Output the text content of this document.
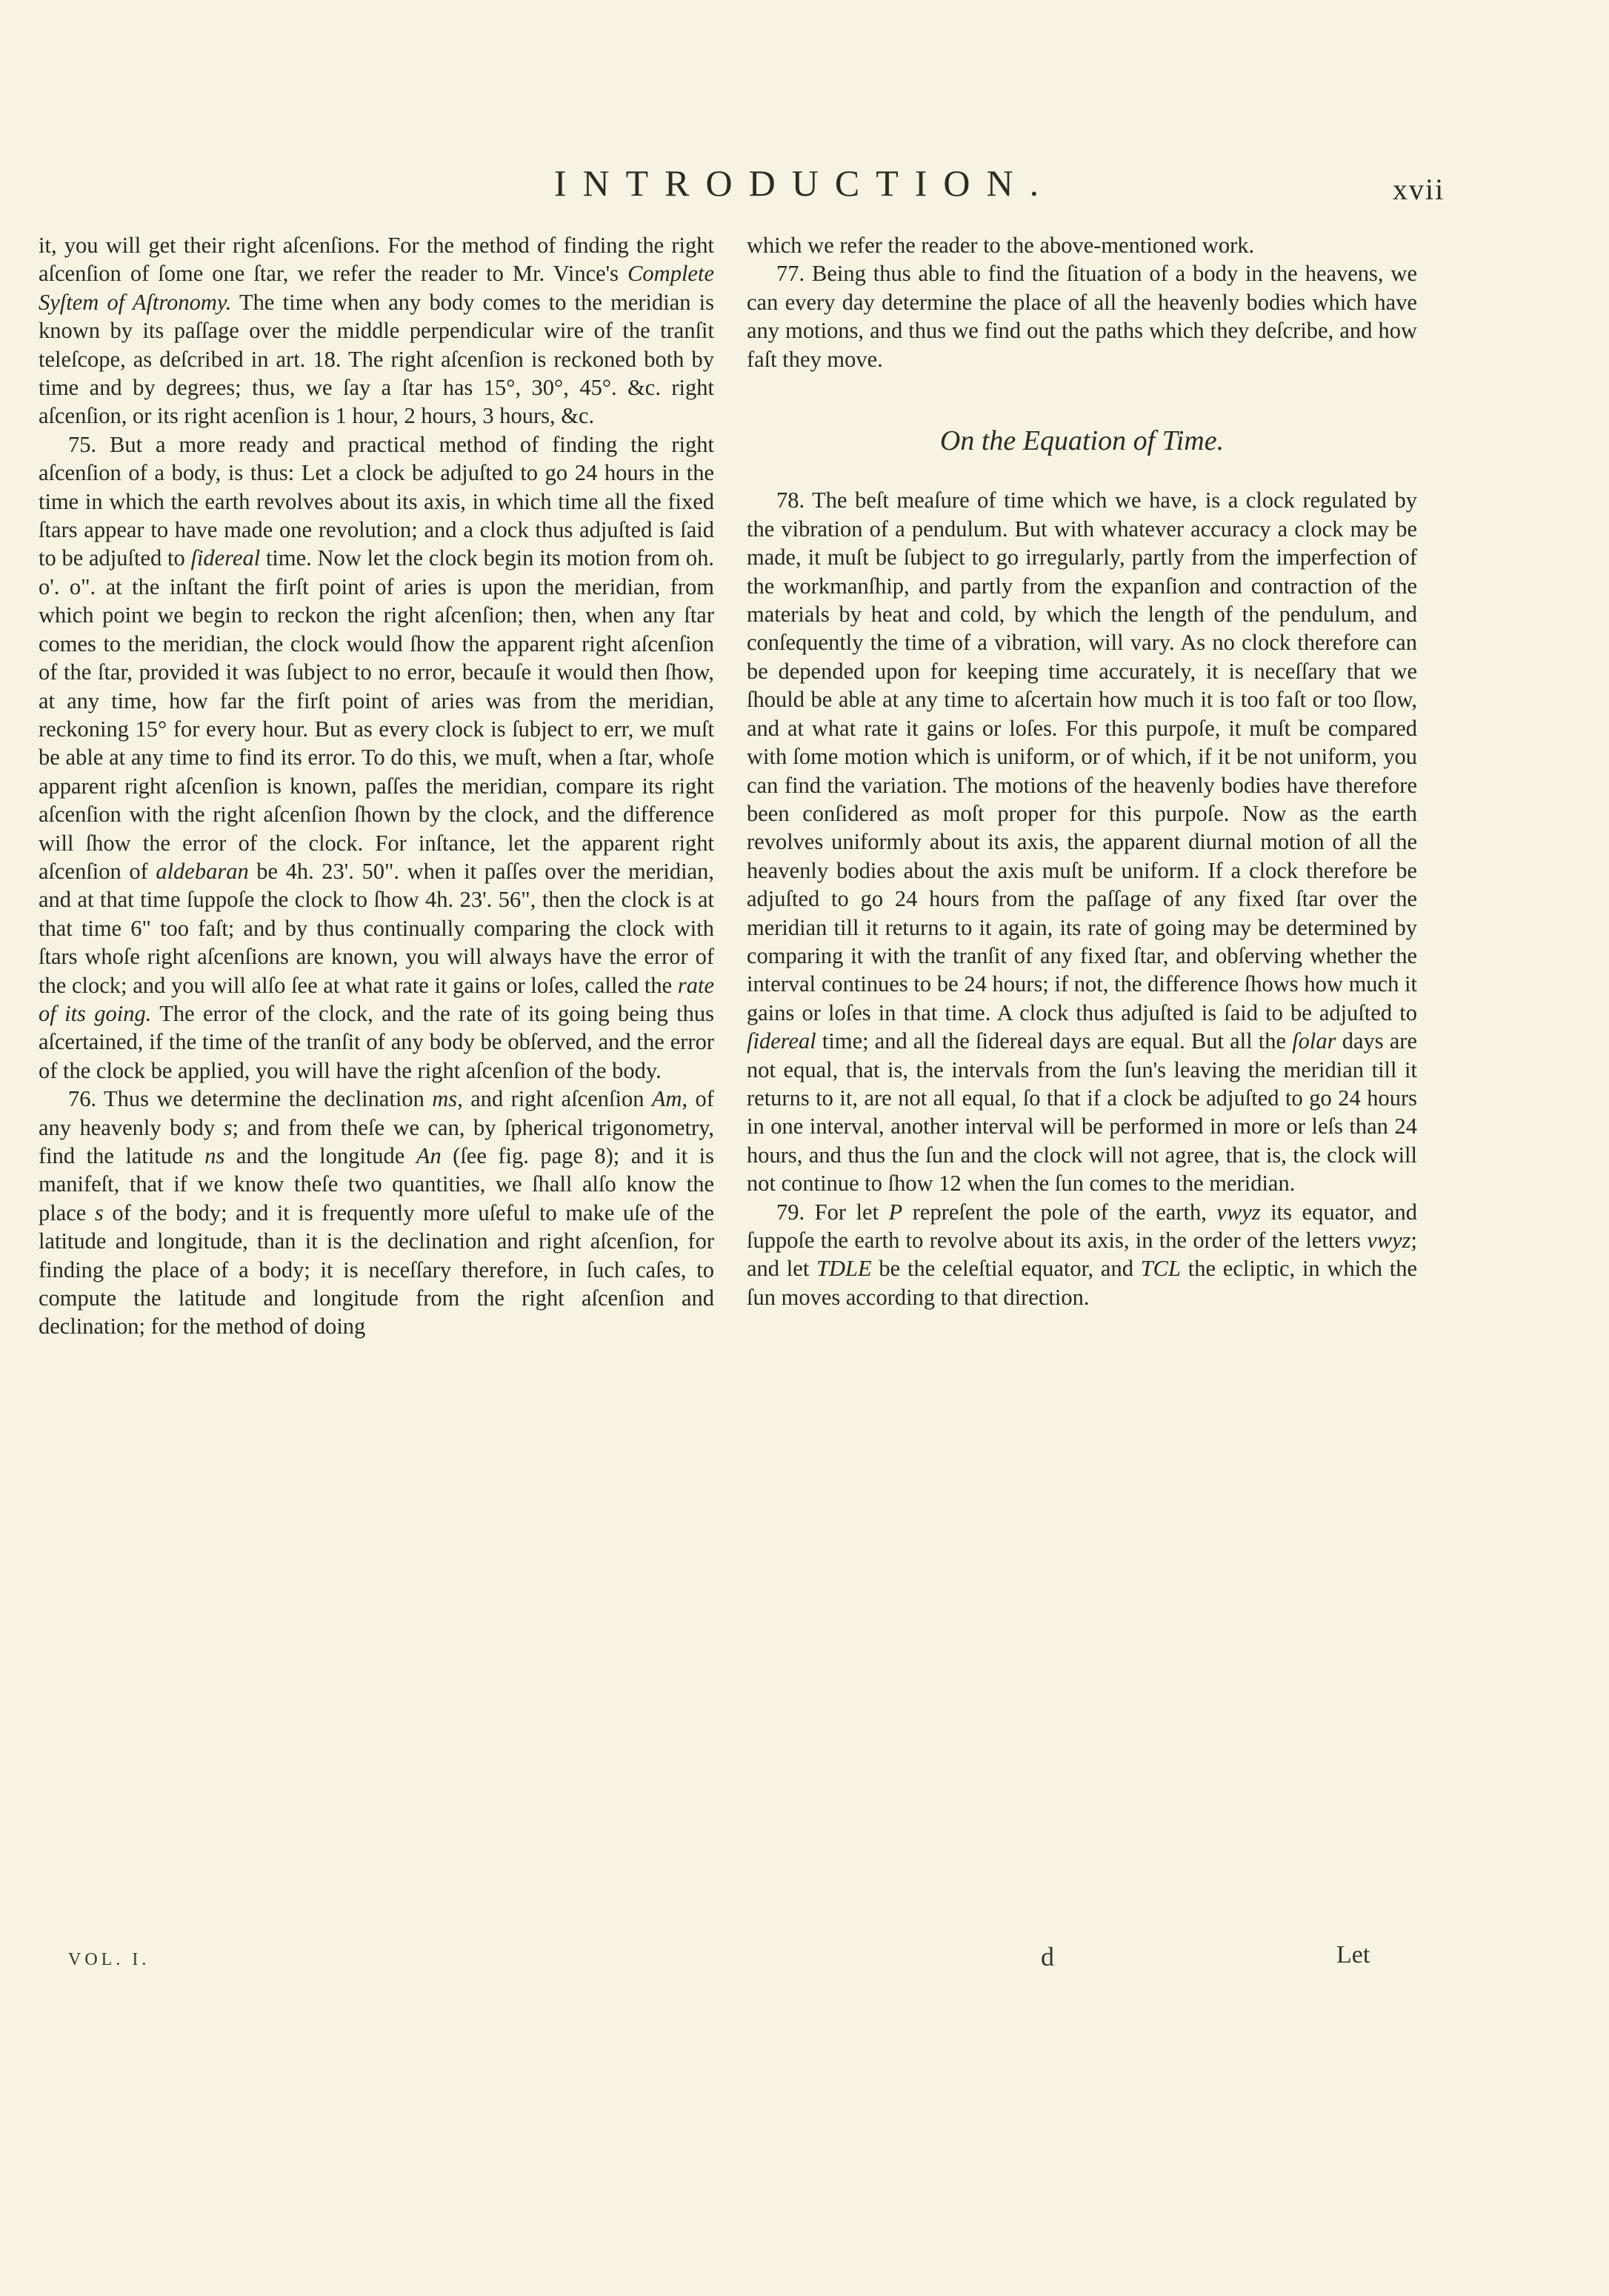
INTRODUCTION.	xvii

it, you will get their right aſcenſions. For the method of finding the right aſcenſion of ſome one ſtar, we refer the reader to Mr. Vince's Complete Syſtem of Aſtronomy. The time when any body comes to the meridian is known by its paſſage over the middle perpendicular wire of the tranſit teleſcope, as deſcribed in art. 18. The right aſcenſion is reckoned both by time and by degrees; thus, we ſay a ſtar has 15°, 30°, 45°. &c. right aſcenſion, or its right acenſion is 1 hour, 2 hours, 3 hours, &c.

75. But a more ready and practical method of finding the right aſcenſion of a body, is thus: Let a clock be adjuſted to go 24 hours in the time in which the earth revolves about its axis, in which time all the fixed ſtars appear to have made one revolution; and a clock thus adjuſted is ſaid to be adjuſted to ſidereal time. Now let the clock begin its motion from oh. o'. o". at the inſtant the firſt point of aries is upon the meridian, from which point we begin to reckon the right aſcenſion; then, when any ſtar comes to the meridian, the clock would ſhow the apparent right aſcenſion of the ſtar, provided it was ſubject to no error, becauſe it would then ſhow, at any time, how far the firſt point of aries was from the meridian, reckoning 15° for every hour. But as every clock is ſubject to err, we muſt be able at any time to find its error. To do this, we muſt, when a ſtar, whoſe apparent right aſcenſion is known, paſſes the meridian, compare its right aſcenſion with the right aſcenſion ſhown by the clock, and the difference will ſhow the error of the clock. For inſtance, let the apparent right aſcenſion of aldebaran be 4h. 23'. 50". when it paſſes over the meridian, and at that time ſuppoſe the clock to ſhow 4h. 23'. 56", then the clock is at that time 6" too faſt; and by thus continually comparing the clock with ſtars whoſe right aſcenſions are known, you will always have the error of the clock; and you will alſo ſee at what rate it gains or loſes, called the rate of its going. The error of the clock, and the rate of its going being thus aſcertained, if the time of the tranſit of any body be obſerved, and the error of the clock be applied, you will have the right aſcenſion of the body.

76. Thus we determine the declination ms, and right aſcenſion Am, of any heavenly body s; and from theſe we can, by ſpherical trigonometry, find the latitude ns and the longitude An (ſee fig. page 8); and it is manifeſt, that if we know theſe two quantities, we ſhall alſo know the place s of the body; and it is frequently more uſeful to make uſe of the latitude and longitude, than it is the declination and right aſcenſion, for finding the place of a body; it is neceſſary therefore, in ſuch caſes, to compute the latitude and longitude from the right aſcenſion and declination; for the method of doing

which we refer the reader to the above-mentioned work.

77. Being thus able to find the ſituation of a body in the heavens, we can every day determine the place of all the heavenly bodies which have any motions, and thus we find out the paths which they deſcribe, and how faſt they move.

On the Equation of Time.

78. The beſt meaſure of time which we have, is a clock regulated by the vibration of a pendulum. But with whatever accuracy a clock may be made, it muſt be ſubject to go irregularly, partly from the imperfection of the workmanſhip, and partly from the expanſion and contraction of the materials by heat and cold, by which the length of the pendulum, and conſequently the time of a vibration, will vary. As no clock therefore can be depended upon for keeping time accurately, it is neceſſary that we ſhould be able at any time to aſcertain how much it is too faſt or too ſlow, and at what rate it gains or loſes. For this purpoſe, it muſt be compared with ſome motion which is uniform, or of which, if it be not uniform, you can find the variation. The motions of the heavenly bodies have therefore been conſidered as moſt proper for this purpoſe. Now as the earth revolves uniformly about its axis, the apparent diurnal motion of all the heavenly bodies about the axis muſt be uniform. If a clock therefore be adjuſted to go 24 hours from the paſſage of any fixed ſtar over the meridian till it returns to it again, its rate of going may be determined by comparing it with the tranſit of any fixed ſtar, and obſerving whether the interval continues to be 24 hours; if not, the difference ſhows how much it gains or loſes in that time. A clock thus adjuſted is ſaid to be adjuſted to ſidereal time; and all the ſidereal days are equal. But all the ſolar days are not equal, that is, the intervals from the ſun's leaving the meridian till it returns to it, are not all equal, ſo that if a clock be adjuſted to go 24 hours in one interval, another interval will be performed in more or leſs than 24 hours, and thus the ſun and the clock will not agree, that is, the clock will not continue to ſhow 12 when the ſun comes to the meridian.

79. For let P repreſent the pole of the earth, vwyz its equator, and ſuppoſe the earth to revolve about its axis, in the order of the letters vwyz; and let TDLE be the celeſtial equator, and TCL the ecliptic, in which the ſun moves according to that direction.

VOL. I.	d	Let
